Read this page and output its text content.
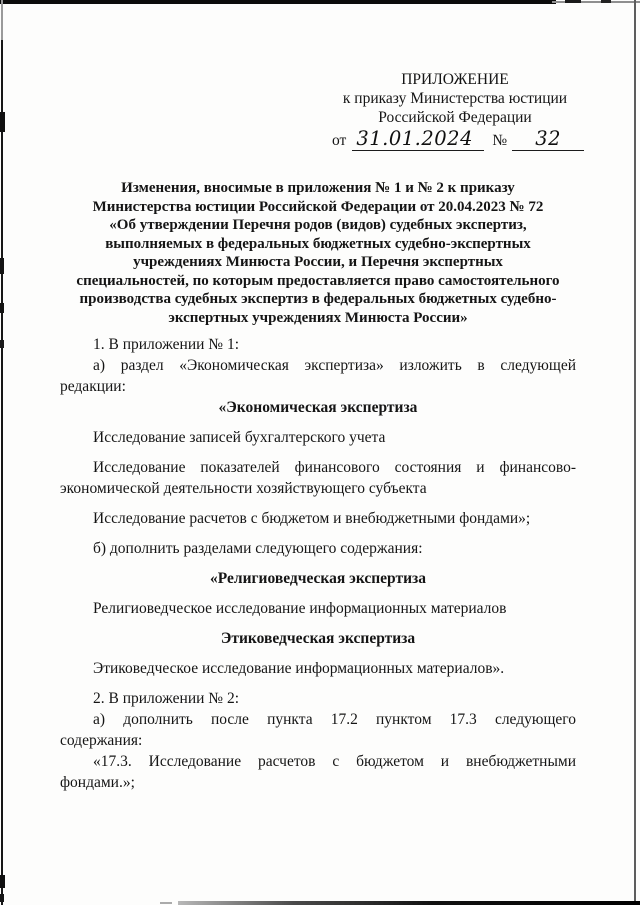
ПРИЛОЖЕНИЕ
к приказу Министерства юстиции
Российской Федерации
от 31.01.2024	№	32
Изменения, вносимые в приложения № 1 и № 2 к приказу
Министерства юстиции Российской Федерации от 20.04.2023 № 72
«Об утверждении Перечня родов (видов) судебных экспертиз,
выполняемых в федеральных бюджетных судебно-экспертных
учреждениях Минюста России, и Перечня экспертных
специальностей, по которым предоставляется право самостоятельного
производства судебных экспертиз в федеральных бюджетных судебно-
экспертных учреждениях Минюста России»
1. В приложении № 1:
а) раздел «Экономическая экспертиза» изложить в следующей
редакции:
«Экономическая экспертиза
Исследование записей бухгалтерского учета
Исследование показателей финансового состояния и финансово-
экономической деятельности хозяйствующего субъекта
Исследование расчетов с бюджетом и внебюджетными фондами»;
б) дополнить разделами следующего содержания:
«Религиоведческая экспертиза
Религиоведческое исследование информационных материалов
Этиковедческая экспертиза
Этиковедческое исследование информационных материалов».
2. В приложении № 2:
а) дополнить после пункта 17.2 пунктом 17.3 следующего
содержания:
«17.3. Исследование расчетов с бюджетом и внебюджетными
фондами.»;
